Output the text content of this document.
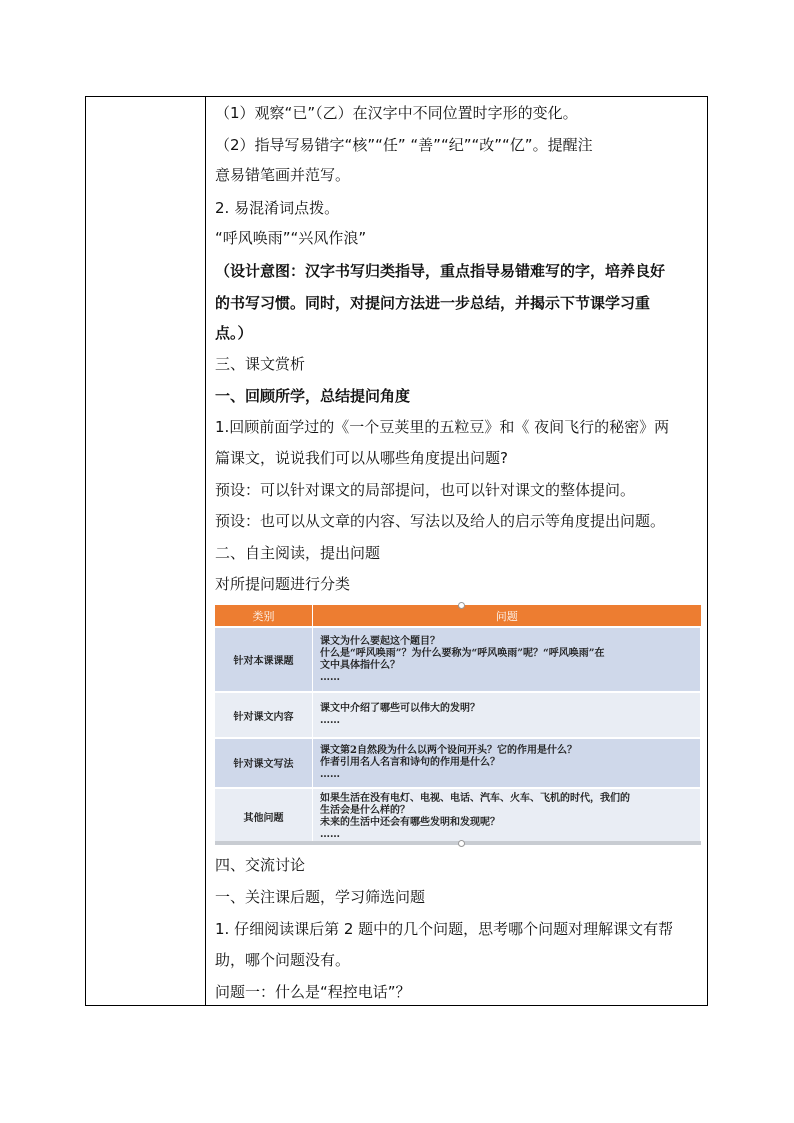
（1）观察“已”（乙）在汉字中不同位置时字形的变化。
（2）指导写易错字“核”“任” “善”“纪”“改”“亿”。提醒注
意易错笔画并范写。
2. 易混淆词点拨。
“呼风唤雨”“兴风作浪”
（设计意图：汉字书写归类指导，重点指导易错难写的字，培养良好
的书写习惯。同时，对提问方法进一步总结，并揭示下节课学习重
点。）
三、课文赏析
一、回顾所学，总结提问角度
1.回顾前面学过的《一个豆荚里的五粒豆》和《 夜间飞行的秘密》两
篇课文，说说我们可以从哪些角度提出问题?
预设：可以针对课文的局部提问，也可以针对课文的整体提问。
预设：也可以从文章的内容、写法以及给人的启示等角度提出问题。
二、自主阅读，提出问题
对所提问题进行分类
类别	问题
针对本课课题	课文为什么要起这个题目？
什么是“呼风唤雨”？为什么要称为“呼风唤雨”呢？“呼风唤雨”在
文中具体指什么？
……
针对课文内容	课文中介绍了哪些可以伟大的发明？
……
针对课文写法	课文第2自然段为什么以两个设问开头？它的作用是什么？
作者引用名人名言和诗句的作用是什么？
……
其他问题	如果生活在没有电灯、电视、电话、汽车、火车、飞机的时代，我们的
生活会是什么样的？
未来的生活中还会有哪些发明和发现呢？
……
四、交流讨论
一、关注课后题，学习筛选问题
1. 仔细阅读课后第 2 题中的几个问题，思考哪个问题对理解课文有帮
助，哪个问题没有。
问题一：什么是“程控电话”？
